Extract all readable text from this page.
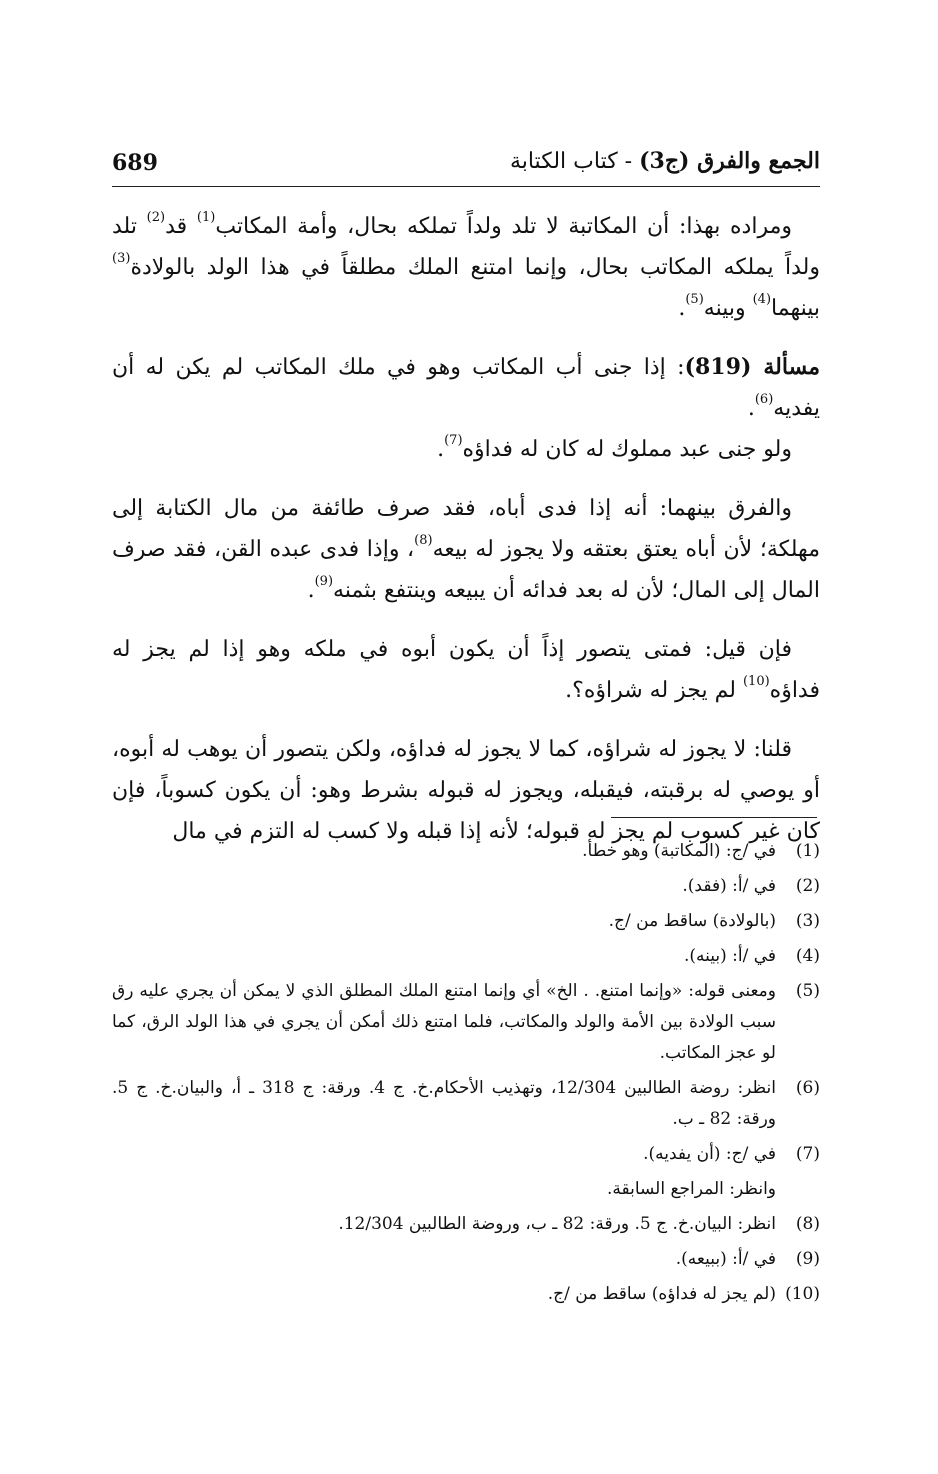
689	الجمع والفرق (ج3) - كتاب الكتابة

ومراده بهذا: أن المكاتبة لا تلد ولداً تملكه بحال، وأمة المكاتب$^{(1)}$ قد$^{(2)}$ تلد ولداً يملكه المكاتب بحال، وإنما امتنع الملك مطلقاً في هذا الولد بالولادة$^{(3)}$ بينهما$^{(4)}$ وبينه$^{(5)}$.

مسألة (819): إذا جنى أب المكاتب وهو في ملك المكاتب لم يكن له أن يفديه$^{(6)}$.

ولو جنى عبد مملوك له كان له فداؤه$^{(7)}$.

والفرق بينهما: أنه إذا فدى أباه، فقد صرف طائفة من مال الكتابة إلى مهلكة؛ لأن أباه يعتق بعتقه ولا يجوز له بيعه$^{(8)}$، وإذا فدى عبده القن، فقد صرف المال إلى المال؛ لأن له بعد فدائه أن يبيعه وينتفع بثمنه$^{(9)}$.

فإن قيل: فمتى يتصور إذاً أن يكون أبوه في ملكه وهو إذا لم يجز له فداؤه$^{(10)}$ لم يجز له شراؤه؟.

قلنا: لا يجوز له شراؤه، كما لا يجوز له فداؤه، ولكن يتصور أن يوهب له أبوه، أو يوصي له برقبته، فيقبله، ويجوز له قبوله بشرط وهو: أن يكون كسوباً، فإن كان غير كسوب لم يجز له قبوله؛ لأنه إذا قبله ولا كسب له التزم في مال

(1)
في /ج: (المكاتبة) وهو خطأ.
(2)
في /أ: (فقد).
(3)
(بالولادة) ساقط من /ج.
(4)
في /أ: (بينه).
(5)
ومعنى قوله: «وإنما امتنع. . الخ» أي وإنما امتنع الملك المطلق الذي لا يمكن أن يجري عليه رق سبب الولادة بين الأمة والولد والمكاتب، فلما امتنع ذلك أمكن أن يجري في هذا الولد الرق، كما لو عجز المكاتب.
(6)
انظر: روضة الطالبين 12/304، وتهذيب الأحكام.خ. ج 4. ورقة: ج 318 ـ أ، والبيان.خ. ج 5. ورقة: 82 ـ ب.
(7)
في /ج: (أن يفديه).
وانظر: المراجع السابقة.
(8)
انظر: البيان.خ. ج 5. ورقة: 82 ـ ب، وروضة الطالبين 12/304.
(9)
في /أ: (ببيعه).
(10)
(لم يجز له فداؤه) ساقط من /ج.
